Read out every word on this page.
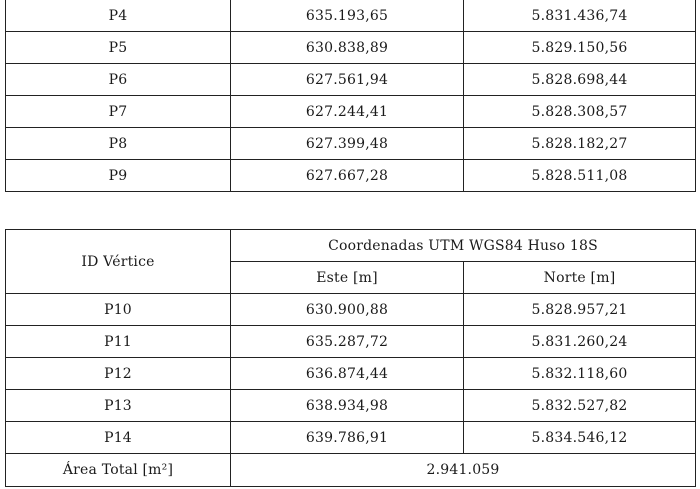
P4	635.193,65	5.831.436,74
P5	630.838,89	5.829.150,56
P6	627.561,94	5.828.698,44
P7	627.244,41	5.828.308,57
P8	627.399,48	5.828.182,27
P9	627.667,28	5.828.511,08
ID Vértice	Coordenadas UTM WGS84 Huso 18S	
	Este [m]	Norte [m]
P10	630.900,88	5.828.957,21
P11	635.287,72	5.831.260,24
P12	636.874,44	5.832.118,60
P13	638.934,98	5.832.527,82
P14	639.786,91	5.834.546,12
Área Total [m²]	2.941.059	
